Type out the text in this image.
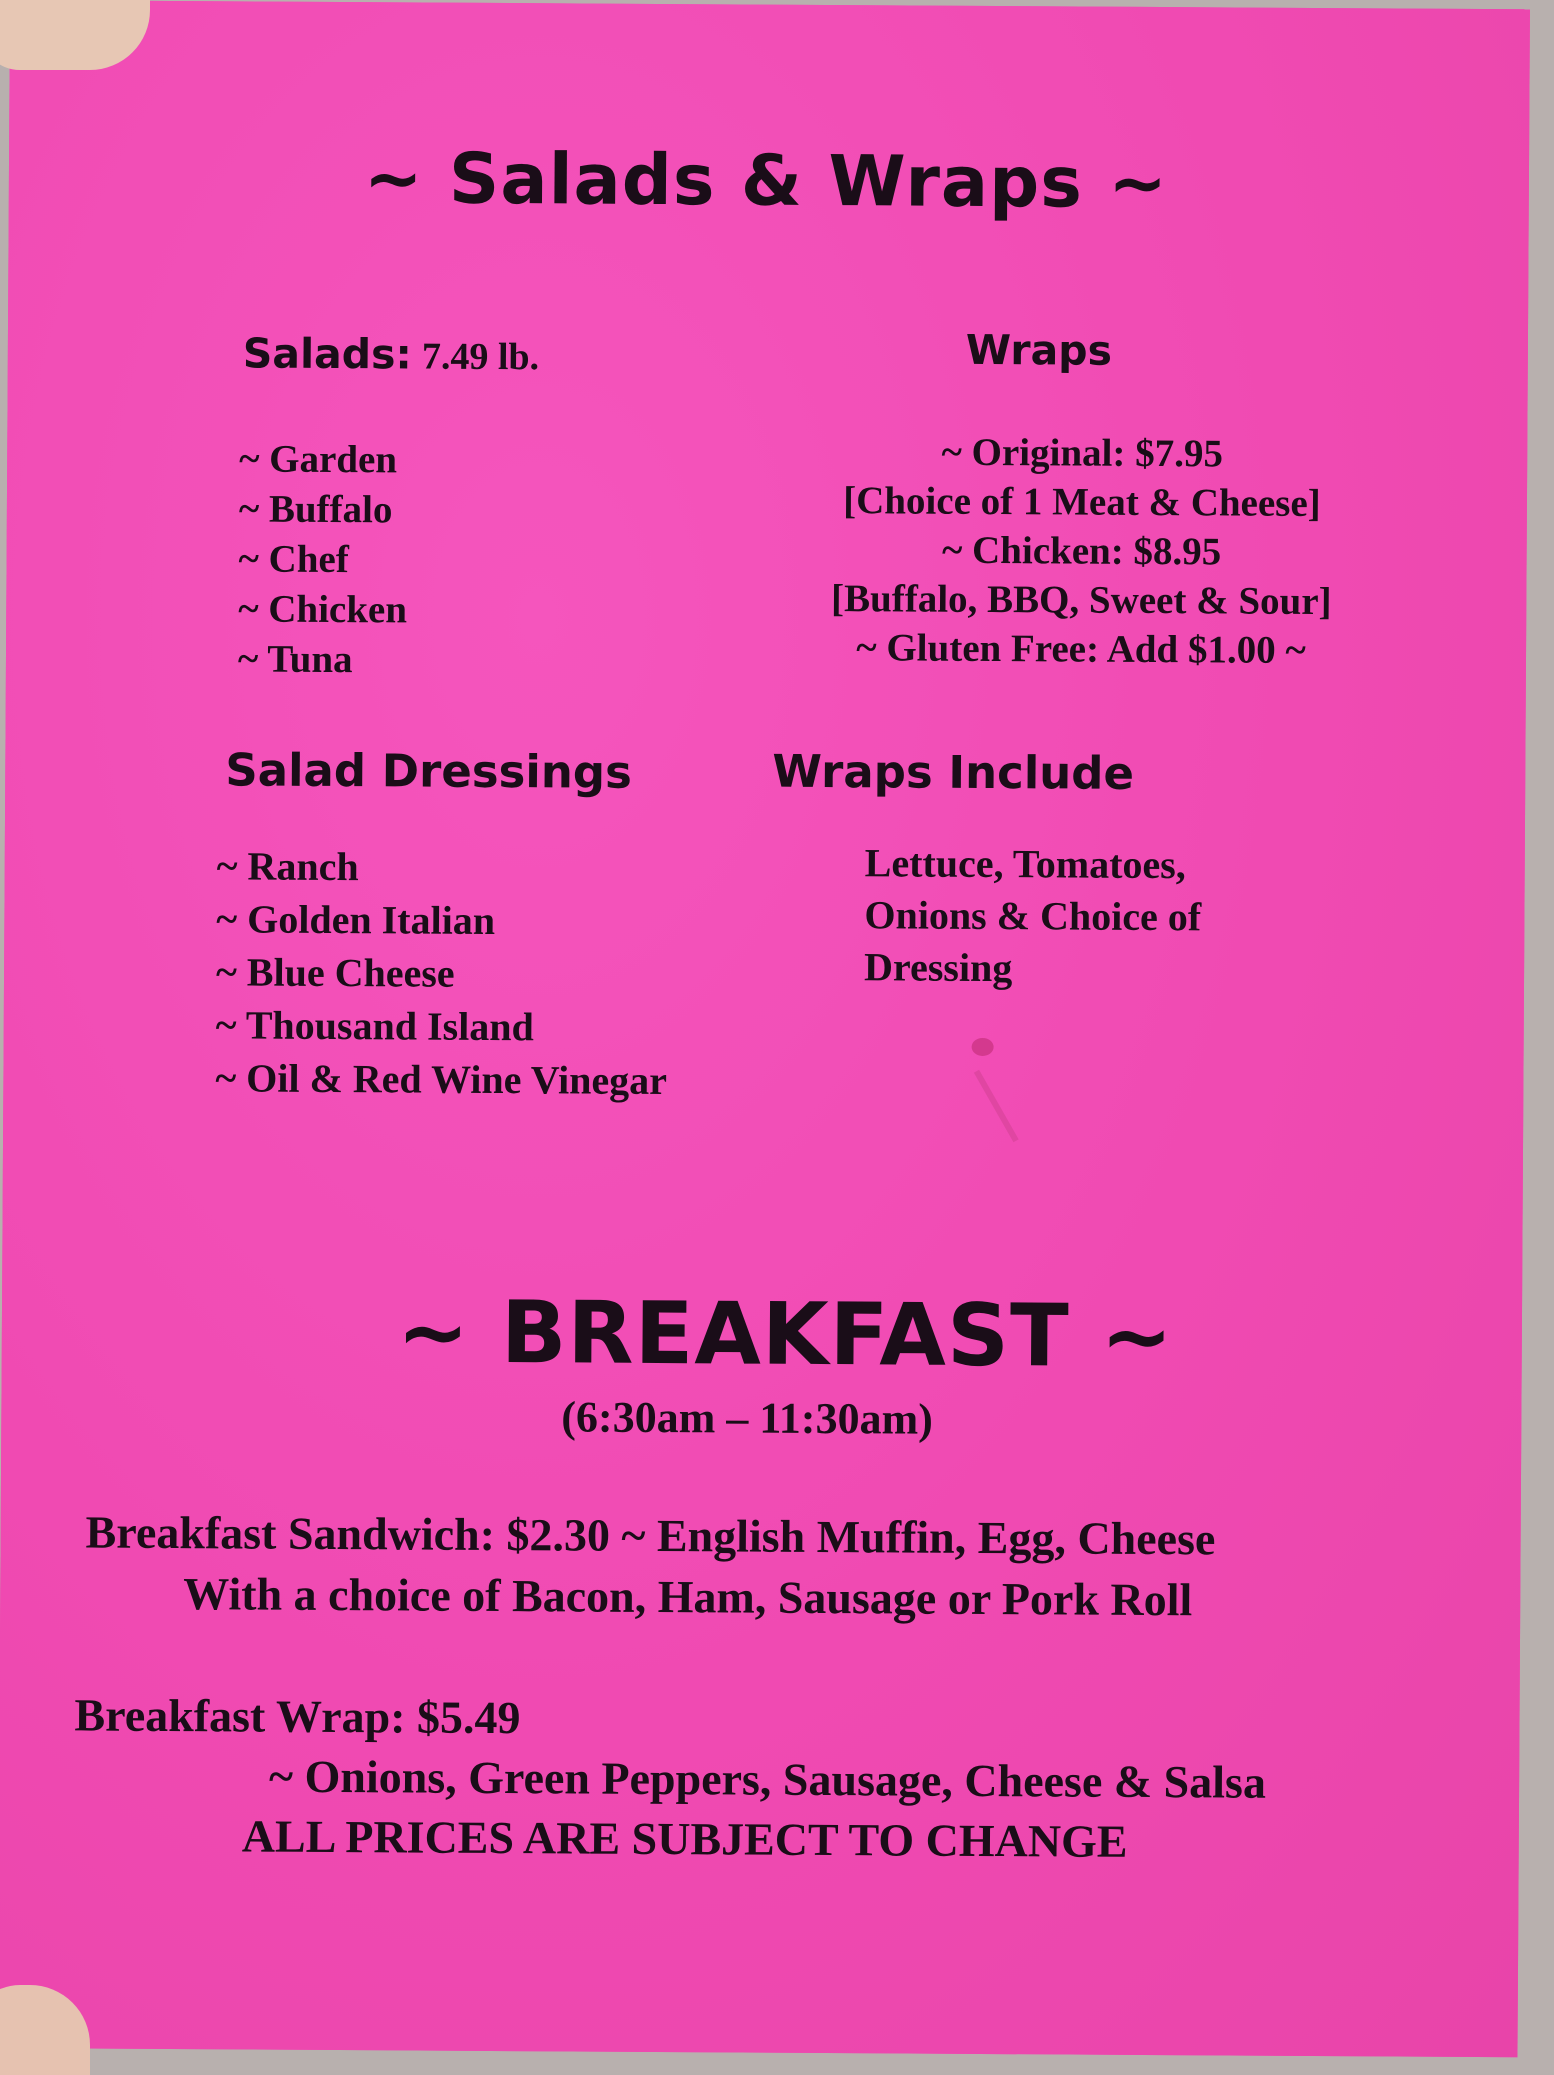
~ Salads & Wraps ~
Salads: 7.49 lb.	Wraps
~ Garden
~ Buffalo
~ Chef
~ Chicken
~ Tuna
~ Original: $7.95
[Choice of 1 Meat & Cheese]
~ Chicken: $8.95
[Buffalo, BBQ, Sweet & Sour]
~ Gluten Free: Add $1.00 ~
Salad Dressings	Wraps Include
~ Ranch
~ Golden Italian
~ Blue Cheese
~ Thousand Island
~ Oil & Red Wine Vinegar
Lettuce, Tomatoes,
Onions & Choice of
Dressing
~ BREAKFAST ~
(6:30am – 11:30am)
Breakfast Sandwich: $2.30 ~ English Muffin, Egg, Cheese
With a choice of Bacon, Ham, Sausage or Pork Roll
Breakfast Wrap: $5.49
~ Onions, Green Peppers, Sausage, Cheese & Salsa
ALL PRICES ARE SUBJECT TO CHANGE
